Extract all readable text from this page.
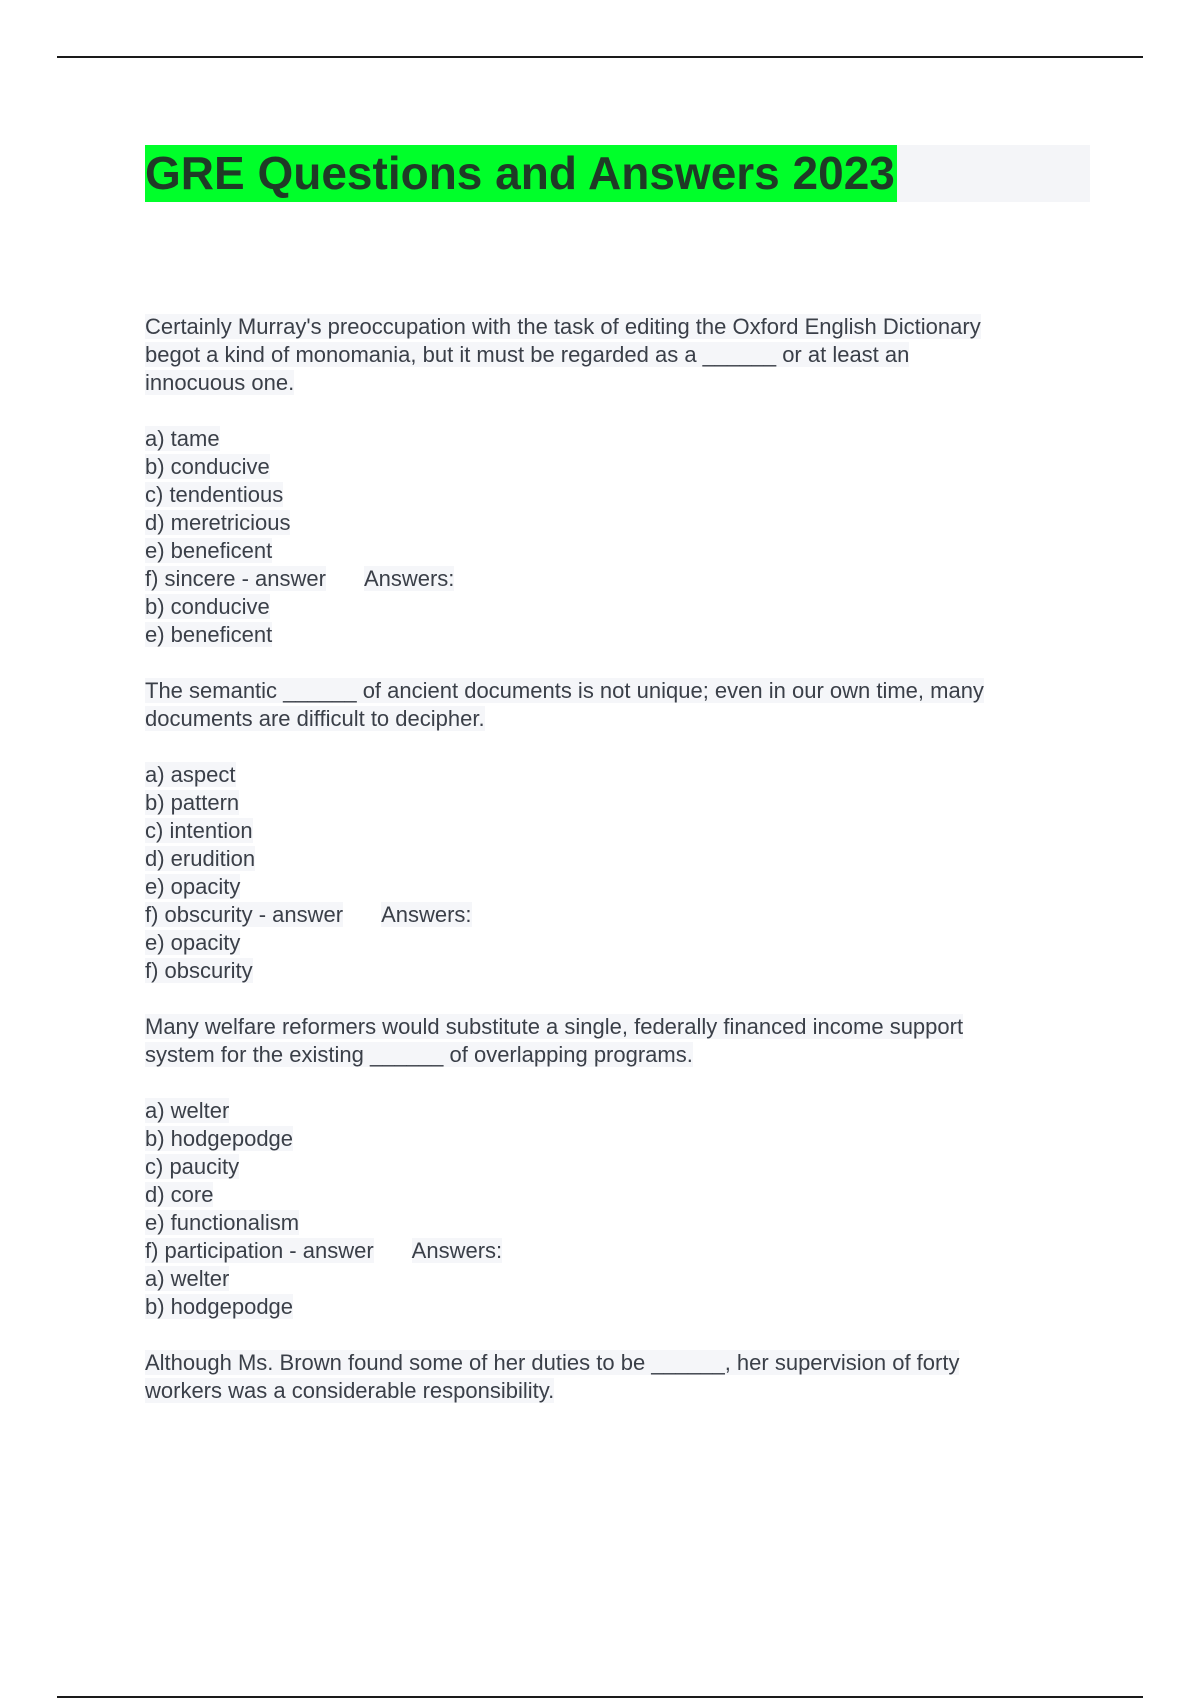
GRE Questions and Answers 2023
Certainly Murray's preoccupation with the task of editing the Oxford English Dictionary
begot a kind of monomania, but it must be regarded as a ______ or at least an
innocuous one.
a) tame
b) conducive
c) tendentious
d) meretricious
e) beneficent
f) sincere - answer Answers:
b) conducive
e) beneficent
The semantic ______ of ancient documents is not unique; even in our own time, many
documents are difficult to decipher.
a) aspect
b) pattern
c) intention
d) erudition
e) opacity
f) obscurity - answer Answers:
e) opacity
f) obscurity
Many welfare reformers would substitute a single, federally financed income support
system for the existing ______ of overlapping programs.
a) welter
b) hodgepodge
c) paucity
d) core
e) functionalism
f) participation - answer Answers:
a) welter
b) hodgepodge
Although Ms. Brown found some of her duties to be ______, her supervision of forty
workers was a considerable responsibility.
